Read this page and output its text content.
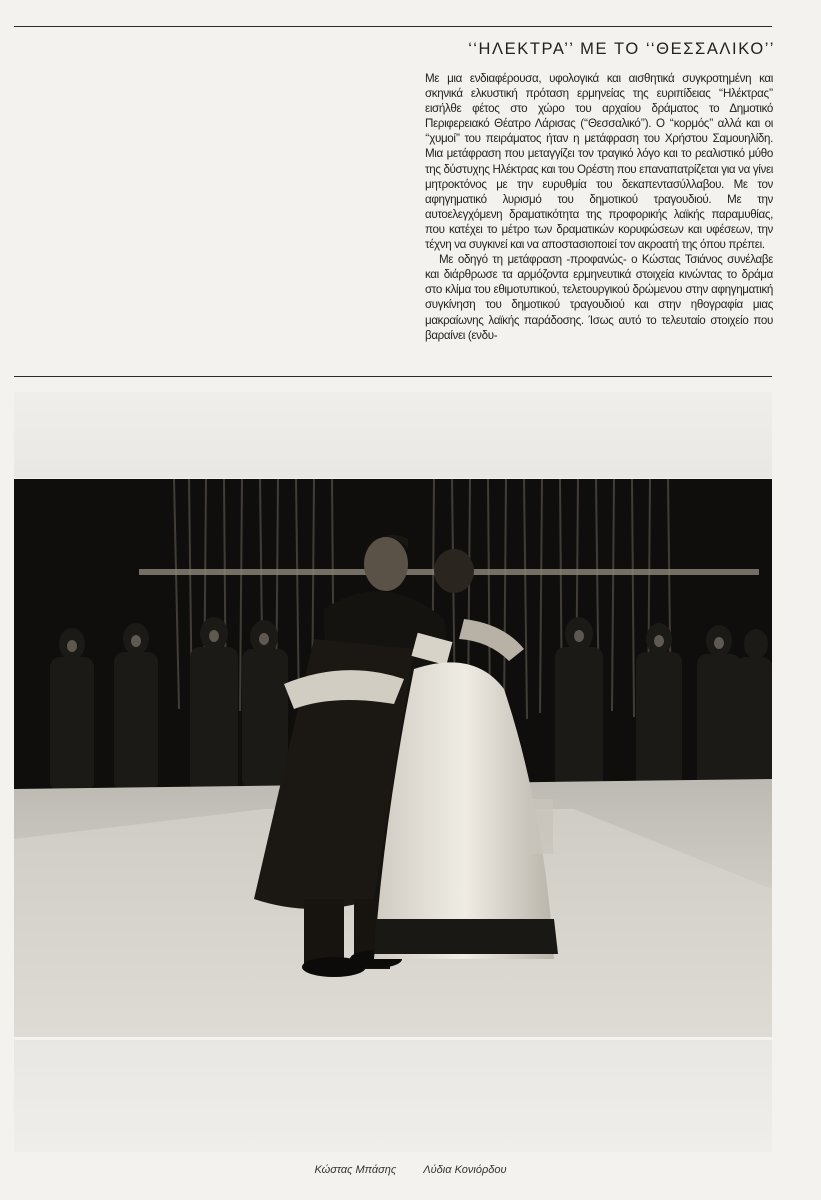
‘‘ΗΛΕΚΤΡΑ’’ ΜΕ ΤΟ ‘‘ΘΕΣΣΑΛΙΚΟ’’

Με μια ενδιαφέρουσα, υφολογικά και αισθητικά συγκροτημένη και σκηνικά ελκυστική πρόταση ερμηνείας της ευριπίδειας ‘‘Ηλέκτρας’’ εισήλθε φέτος στο χώρο του αρχαίου δράματος το Δημοτικό Περιφερειακό Θέατρο Λάρισας (‘‘Θεσσαλικό’’). Ο ‘‘κορμός’’ αλλά και οι ‘‘χυμοί’’ του πειράματος ήταν η μετάφραση του Χρήστου Σαμουηλίδη. Μια μετάφραση που μεταγγίζει τον τραγικό λόγο και το ρεαλιστικό μύθο της δύστυχης Ηλέκτρας και του Ορέστη που επαναπατρίζεται για να γίνει μητροκτόνος με την ευρυθμία του δεκαπεντασύλλαβου. Με τον αφηγηματικό λυρισμό του δημοτικού τραγουδιού. Με την αυτοελεγχόμενη δραματικότητα της προφορικής λαϊκής παραμυθίας, που κατέχει το μέτρο των δραματικών κορυφώσεων και υφέσεων, την τέχνη να συγκινεί και να αποστασιοποιεί τον ακροατή της όπου πρέπει.

Με οδηγό τη μετάφραση -προφανώς- ο Κώστας Τσιάνος συνέλαβε και διάρθρωσε τα αρμόζοντα ερμηνευτικά στοιχεία κινώντας το δράμα στο κλίμα του εθιμοτυπικού, τελετουργικού δρώμενου στην αφηγηματική συγκίνηση του δημοτικού τραγουδιού και στην ηθογραφία μιας μακραίωνης λαϊκής παράδοσης. Ίσως αυτό το τελευταίο στοιχείο που βαραίνει (ενδυ-

Κώστας Μπάσης Λύδια Κονιόρδου
